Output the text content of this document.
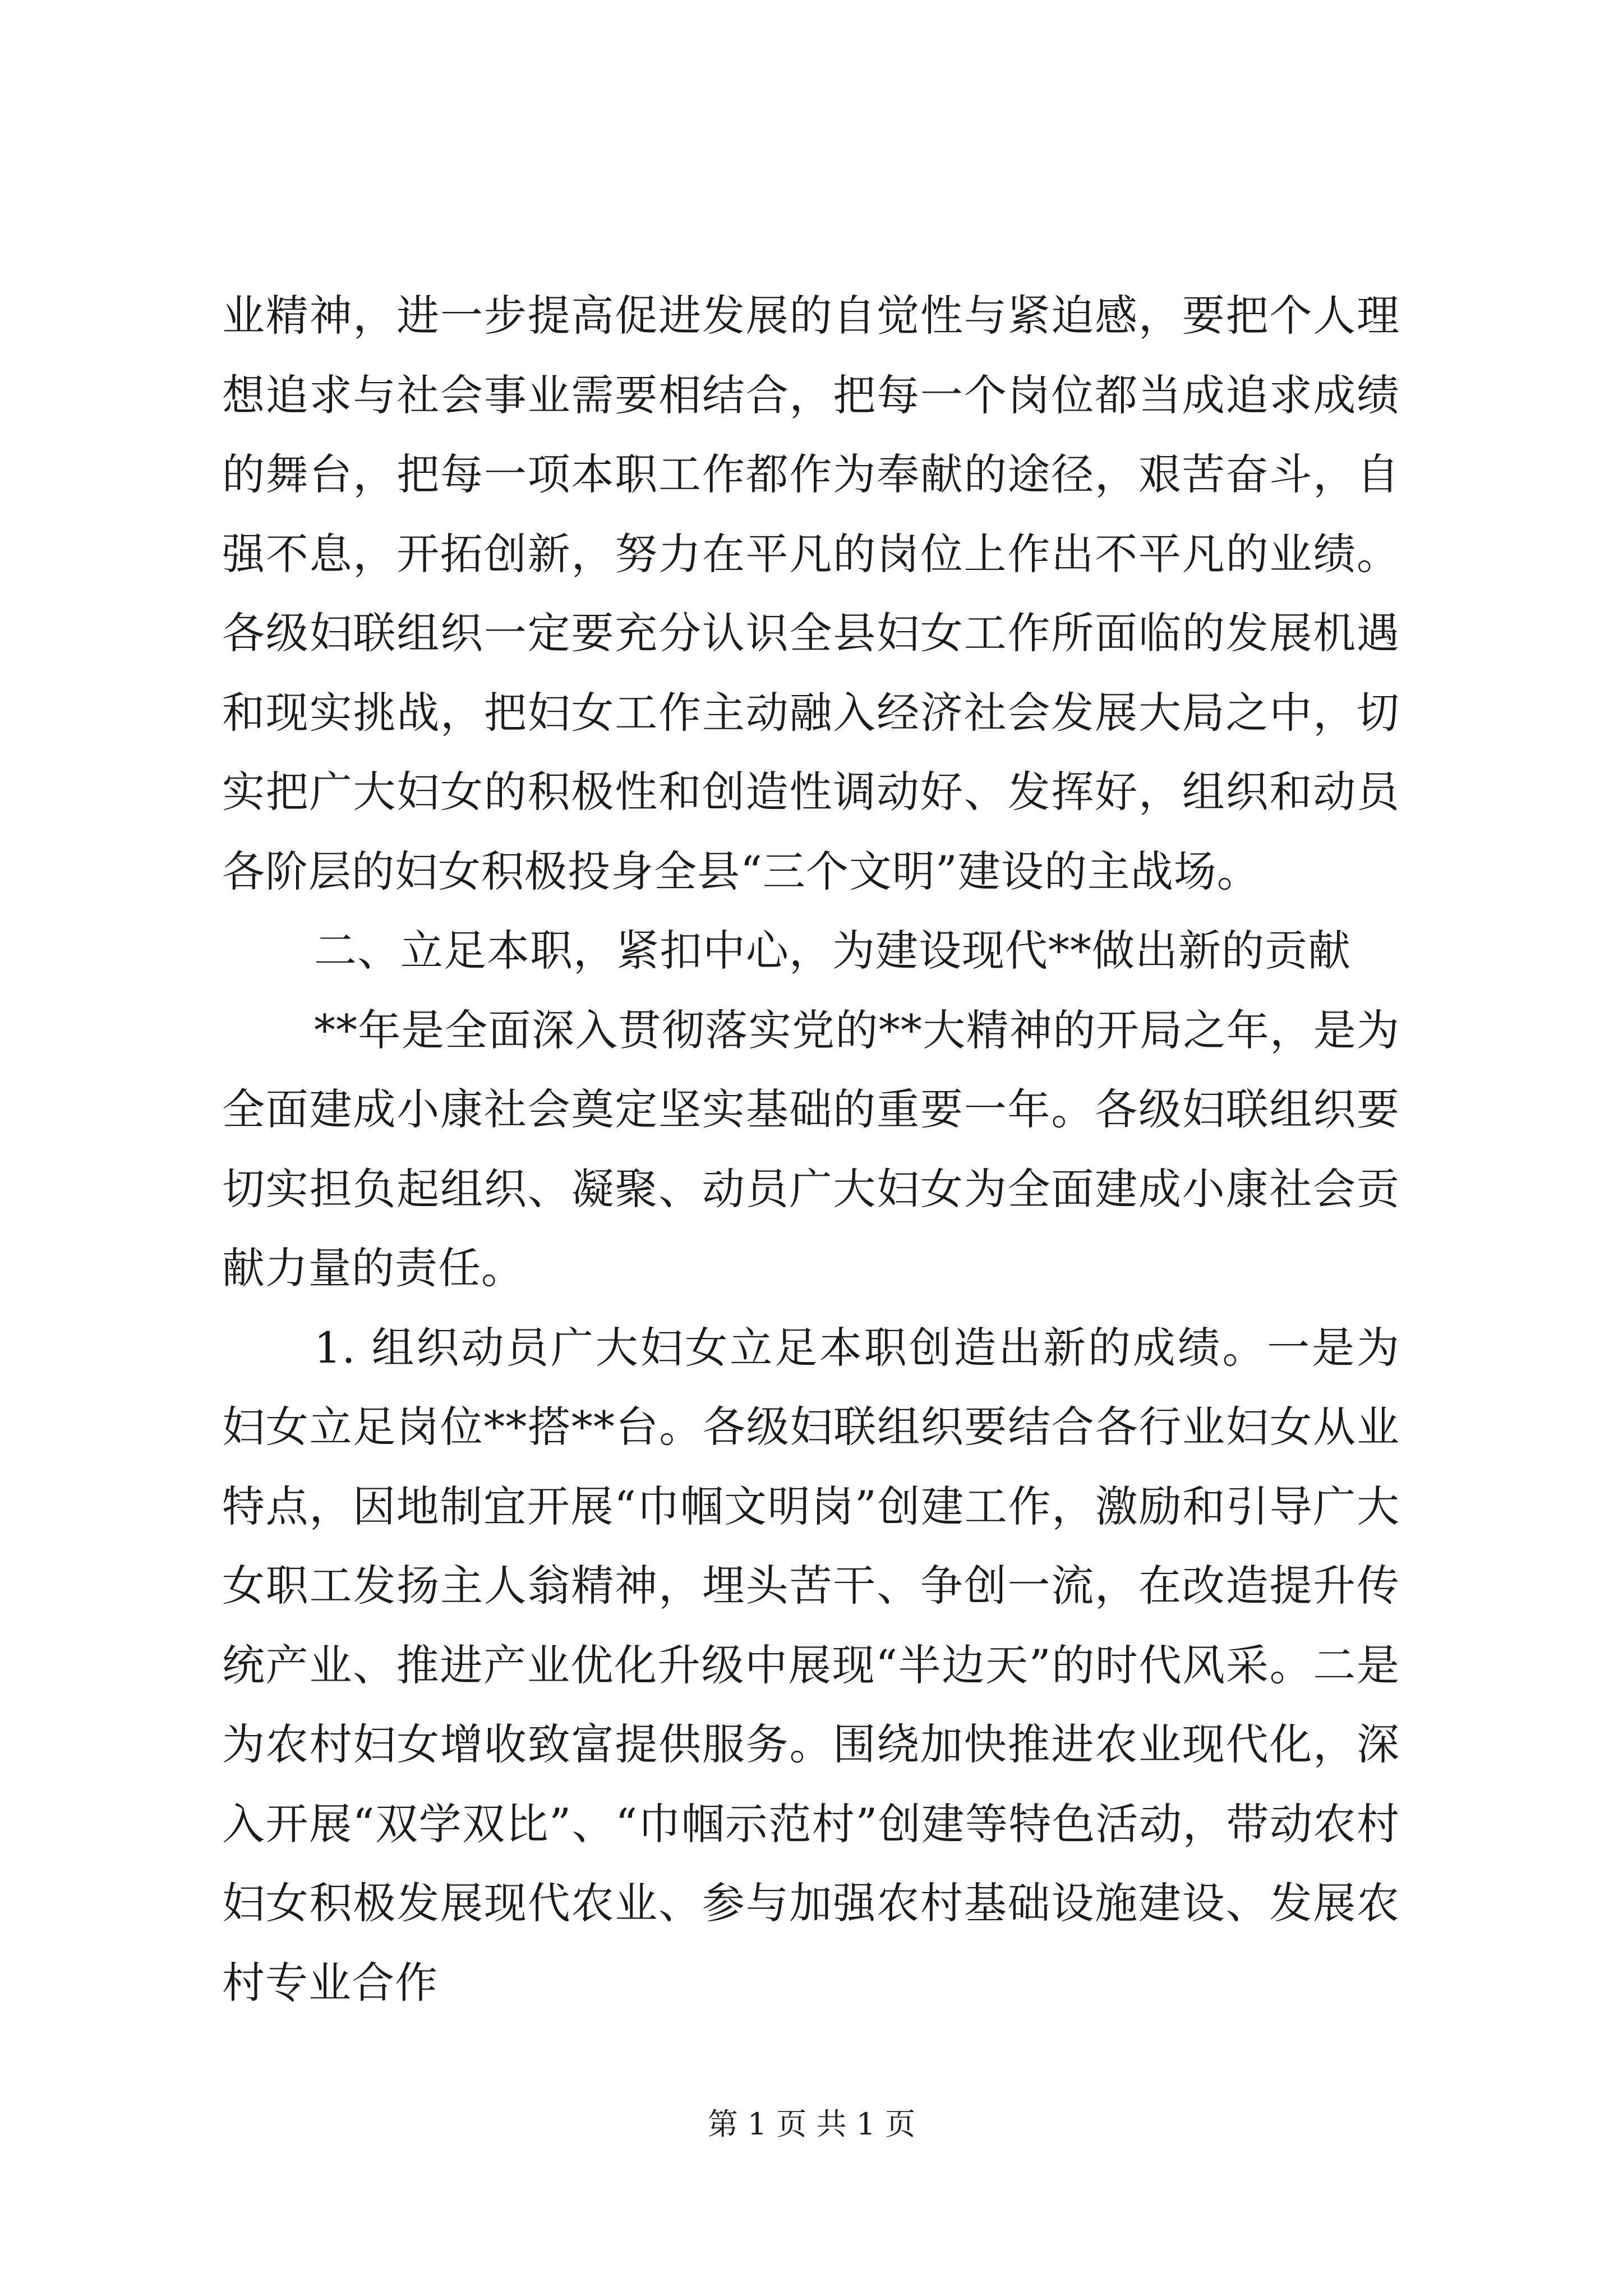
业精神，进一步提高促进发展的自觉性与紧迫感，要把个人理想追求与社会事业需要相结合，把每一个岗位都当成追求成绩的舞台，把每一项本职工作都作为奉献的途径，艰苦奋斗，自强不息，开拓创新，努力在平凡的岗位上作出不平凡的业绩。各级妇联组织一定要充分认识全县妇女工作所面临的发展机遇和现实挑战，把妇女工作主动融入经济社会发展大局之中，切实把广大妇女的积极性和创造性调动好、发挥好，组织和动员各阶层的妇女积极投身全县“三个文明”建设的主战场。

二、立足本职，紧扣中心，为建设现代**做出新的贡献

**年是全面深入贯彻落实党的**大精神的开局之年，是为全面建成小康社会奠定坚实基础的重要一年。各级妇联组织要切实担负起组织、凝聚、动员广大妇女为全面建成小康社会贡献力量的责任。

1. 组织动员广大妇女立足本职创造出新的成绩。一是为妇女立足岗位**搭**台。各级妇联组织要结合各行业妇女从业特点，因地制宜开展“巾帼文明岗”创建工作，激励和引导广大女职工发扬主人翁精神，埋头苦干、争创一流，在改造提升传统产业、推进产业优化升级中展现“半边天”的时代风采。二是为农村妇女增收致富提供服务。围绕加快推进农业现代化，深入开展“双学双比”、“巾帼示范村”创建等特色活动，带动农村妇女积极发展现代农业、参与加强农村基础设施建设、发展农村专业合作

第 1 页 共 1 页
